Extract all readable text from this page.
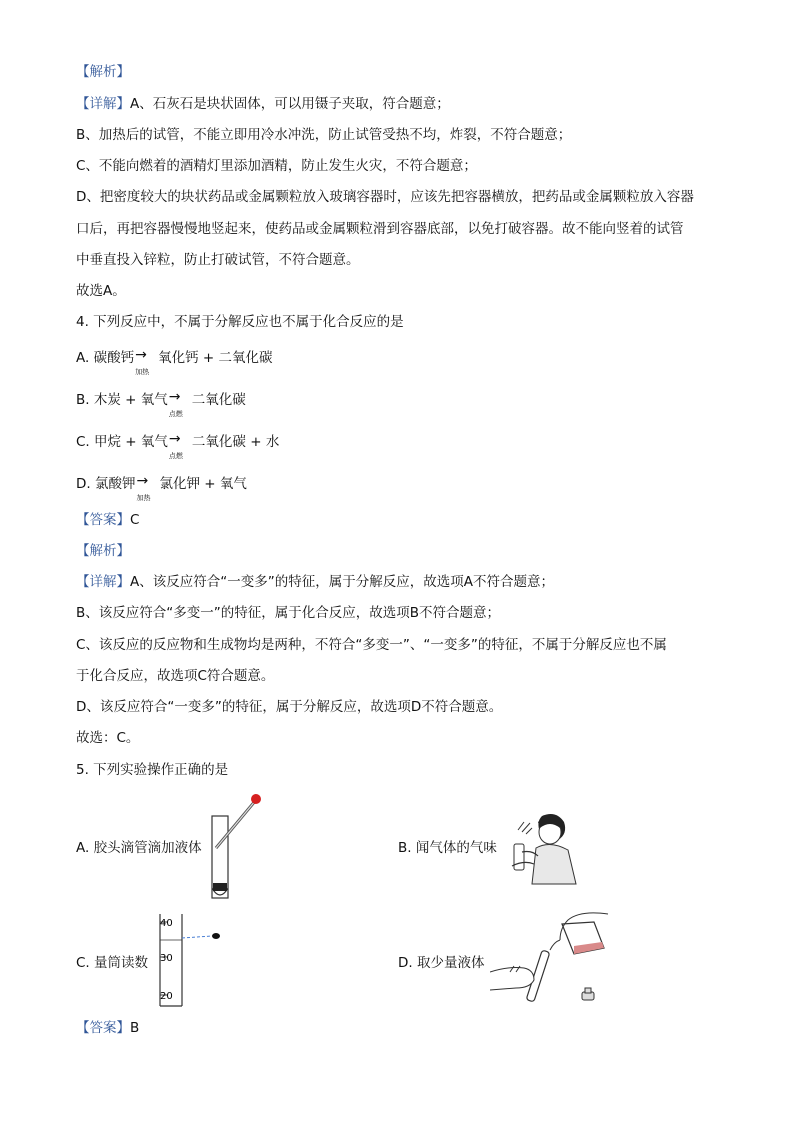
【解析】
【详解】A、石灰石是块状固体，可以用镊子夹取，符合题意；
B、加热后的试管，不能立即用冷水冲洗，防止试管受热不均，炸裂，不符合题意；
C、不能向燃着的酒精灯里添加酒精，防止发生火灾，不符合题意；
D、把密度较大的块状药品或金属颗粒放入玻璃容器时，应该先把容器横放，把药品或金属颗粒放入容器
口后，再把容器慢慢地竖起来，使药品或金属颗粒滑到容器底部，以免打破容器。故不能向竖着的试管
中垂直投入锌粒，防止打破试管，不符合题意。
故选A。
4. 下列反应中，不属于分解反应也不属于化合反应的是
A. 碳酸钙 →
加热
氧化钙 + 二氧化碳
B. 木炭 + 氧气 →
点燃
二氧化碳
C. 甲烷 + 氧气 →
点燃
二氧化碳 + 水
D. 氯酸钾 →
加热
氯化钾 + 氧气
【答案】C
【解析】
【详解】A、该反应符合“一变多”的特征，属于分解反应，故选项A不符合题意；
B、该反应符合“多变一”的特征，属于化合反应，故选项B不符合题意；
C、该反应的反应物和生成物均是两种，不符合“多变一”、“一变多”的特征，不属于分解反应也不属
于化合反应，故选项C符合题意。
D、该反应符合“一变多”的特征，属于分解反应，故选项D不符合题意。
故选：C。
5. 下列实验操作正确的是
A. 胶头滴管滴加液体	B. 闻气体的气味
C. 量筒读数	D. 取少量液体
40
30
20
【答案】B
